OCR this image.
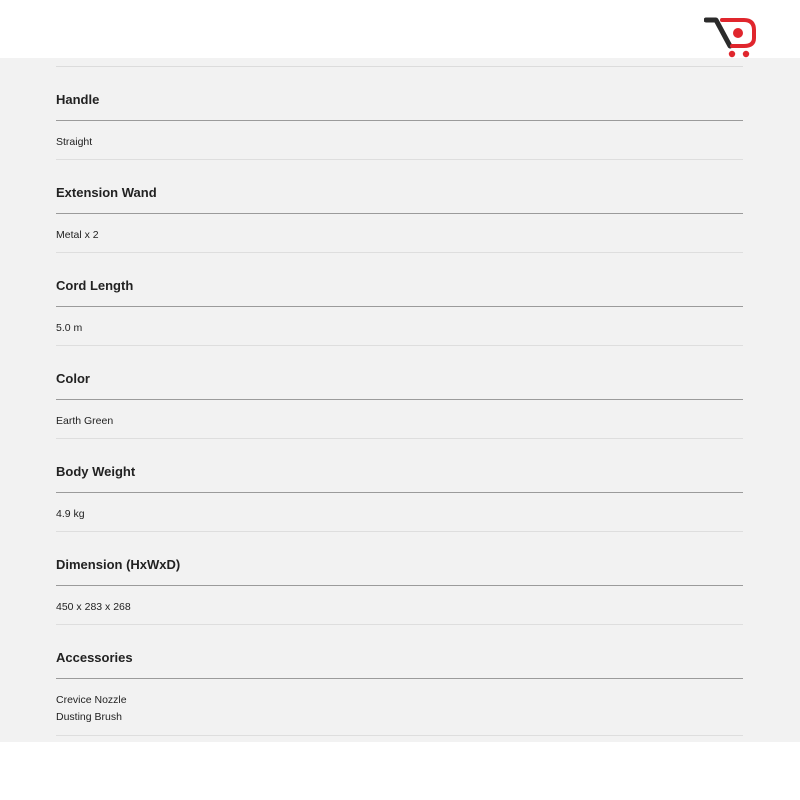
Handle
Straight
Extension Wand
Metal x 2
Cord Length
5.0 m
Color
Earth Green
Body Weight
4.9 kg
Dimension (HxWxD)
450 x 283 x 268
Accessories
Crevice Nozzle
Dusting Brush
